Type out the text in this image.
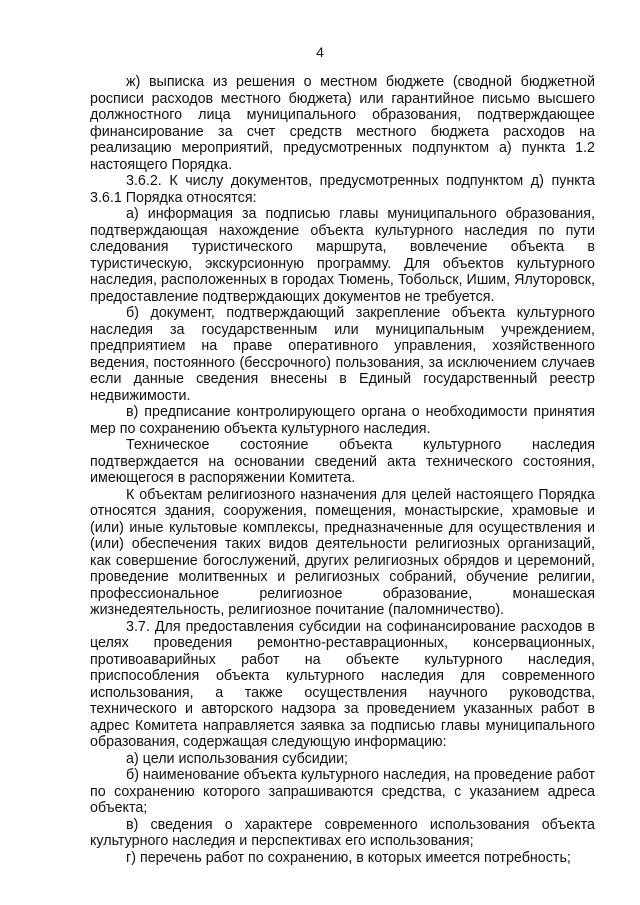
4

ж) выписка из решения о местном бюджете (сводной бюджетной росписи расходов местного бюджета) или гарантийное письмо высшего должностного лица муниципального образования, подтверждающее финансирование за счет средств местного бюджета расходов на реализацию мероприятий, предусмотренных подпунктом а) пункта 1.2 настоящего Порядка.

3.6.2. К числу документов, предусмотренных подпунктом д) пункта 3.6.1 Порядка относятся:

а) информация за подписью главы муниципального образования, подтверждающая нахождение объекта культурного наследия по пути следования туристического маршрута, вовлечение объекта в туристическую, экскурсионную программу. Для объектов культурного наследия, расположенных в городах Тюмень, Тобольск, Ишим, Ялуторовск, предоставление подтверждающих документов не требуется.

б) документ, подтверждающий закрепление объекта культурного наследия за государственным или муниципальным учреждением, предприятием на праве оперативного управления, хозяйственного ведения, постоянного (бессрочного) пользования, за исключением случаев если данные сведения внесены в Единый государственный реестр недвижимости.

в) предписание контролирующего органа о необходимости принятия мер по сохранению объекта культурного наследия.

Техническое состояние объекта культурного наследия подтверждается на основании сведений акта технического состояния, имеющегося в распоряжении Комитета.

К объектам религиозного назначения для целей настоящего Порядка относятся здания, сооружения, помещения, монастырские, храмовые и (или) иные культовые комплексы, предназначенные для осуществления и (или) обеспечения таких видов деятельности религиозных организаций, как совершение богослужений, других религиозных обрядов и церемоний, проведение молитвенных и религиозных собраний, обучение религии, профессиональное религиозное образование, монашеская жизнедеятельность, религиозное почитание (паломничество).

3.7. Для предоставления субсидии на софинансирование расходов в целях проведения ремонтно-реставрационных, консервационных, противоаварийных работ на объекте культурного наследия, приспособления объекта культурного наследия для современного использования, а также осуществления научного руководства, технического и авторского надзора за проведением указанных работ в адрес Комитета направляется заявка за подписью главы муниципального образования, содержащая следующую информацию:

а) цели использования субсидии;

б) наименование объекта культурного наследия, на проведение работ по сохранению которого запрашиваются средства, с указанием адреса объекта;

в) сведения о характере современного использования объекта культурного наследия и перспективах его использования;

г) перечень работ по сохранению, в которых имеется потребность;
